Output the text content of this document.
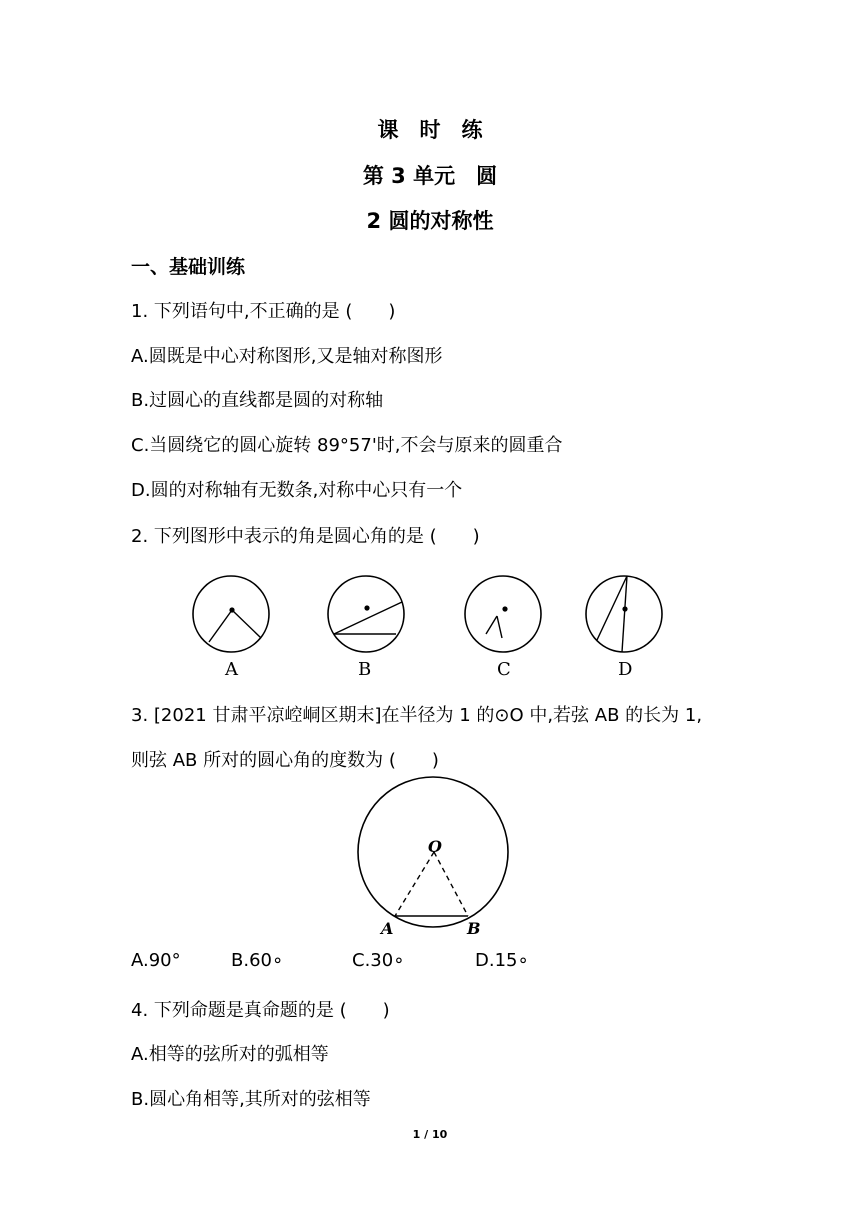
课　时　练
第 3 单元　圆
2 圆的对称性
一、基础训练
1. 下列语句中,不正确的是 (　　)
A.圆既是中心对称图形,又是轴对称图形
B.过圆心的直线都是圆的对称轴
C.当圆绕它的圆心旋转 89°57'时,不会与原来的圆重合
D.圆的对称轴有无数条,对称中心只有一个
2. 下列图形中表示的角是圆心角的是 (　　)
A	B	C	D
3. [2021 甘肃平凉崆峒区期末]在半径为 1 的⊙O 中,若弦 AB 的长为 1,
则弦 AB 所对的圆心角的度数为 (　　)
O
A	B
A.90°	B.60∘	C.30∘	D.15∘
4. 下列命题是真命题的是 (　　)
A.相等的弦所对的弧相等
B.圆心角相等,其所对的弦相等
1 / 10
